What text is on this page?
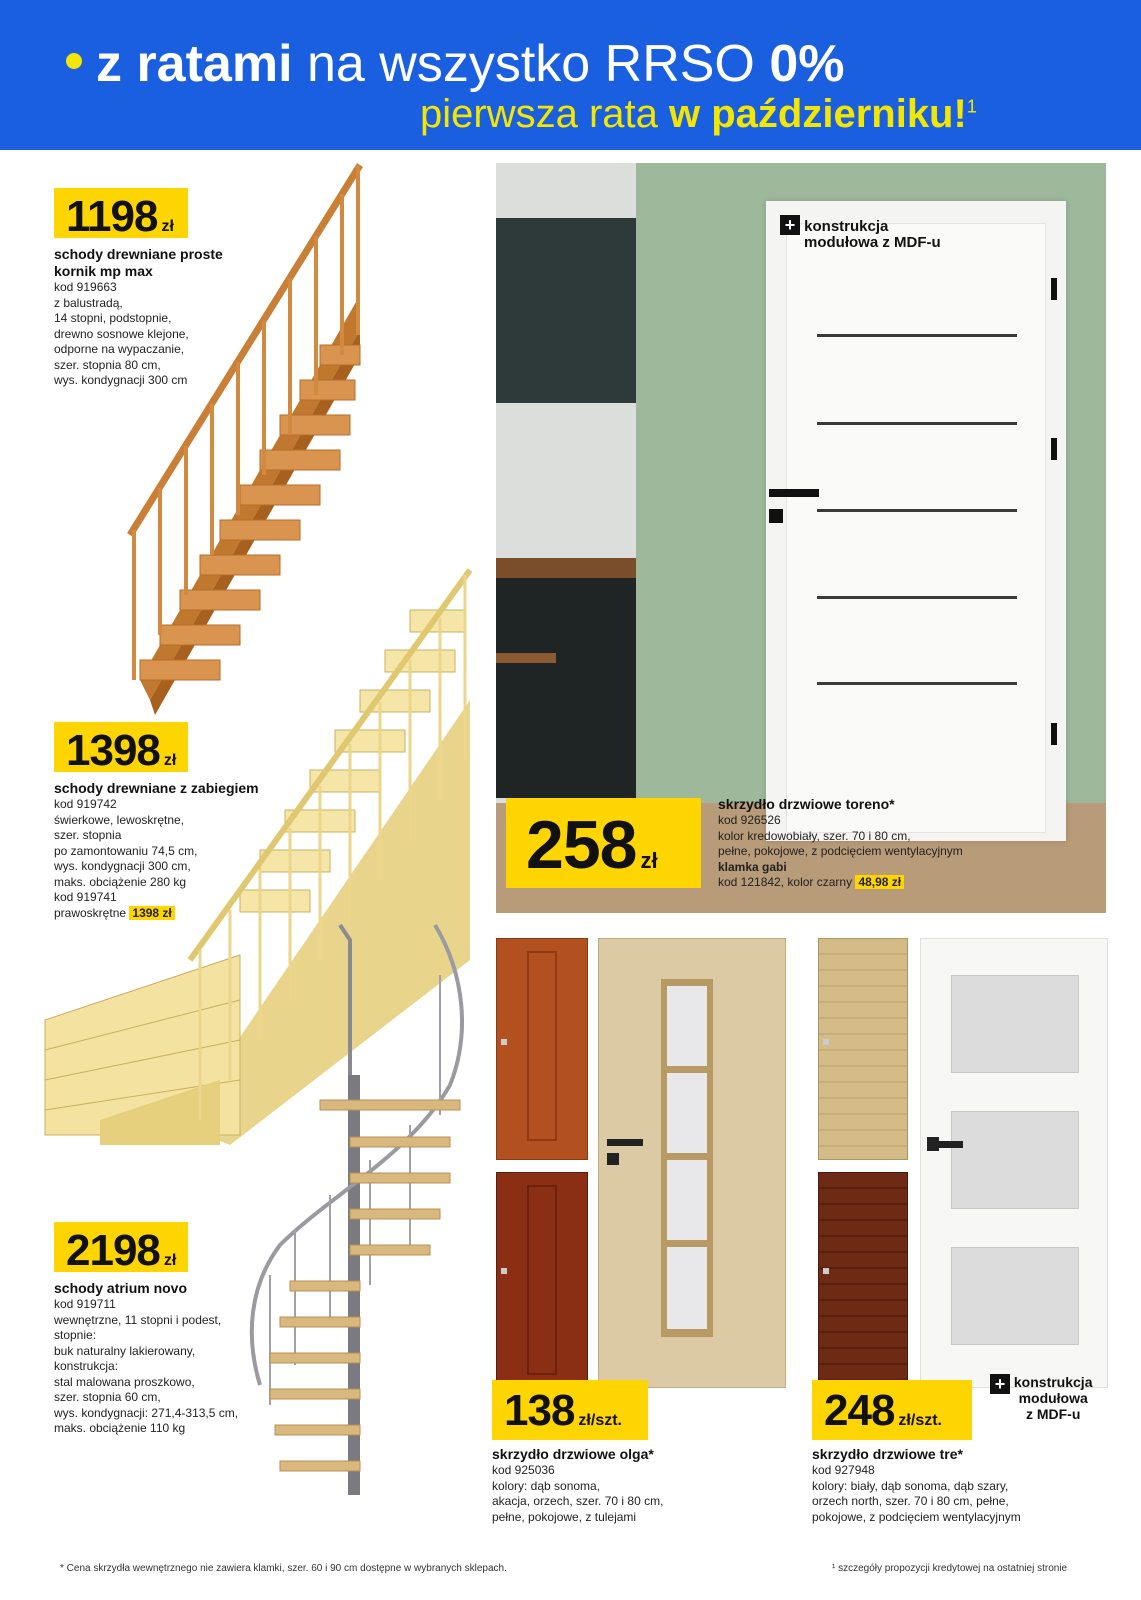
z ratami na wszystko RRSO 0%
pierwsza rata w październiku!$^1$
1198 zł
schody drewniane proste kornik mp max
kod 919663
z balustradą,
14 stopni, podstopnie,
drewno sosnowe klejone,
odporne na wypaczanie,
szer. stopnia 80 cm,
wys. kondygnacji 300 cm
1398 zł
schody drewniane z zabiegiem
kod 919742
świerkowe, lewoskrętne,
szer. stopnia
po zamontowaniu 74,5 cm,
wys. kondygnacji 300 cm,
maks. obciążenie 280 kg
kod 919741
prawoskrętne 1398 zł
2198 zł
schody atrium novo
kod 919711
wewnętrzne, 11 stopni i podest,
stopnie:
buk naturalny lakierowany,
konstrukcja:
stal malowana proszkowo,
szer. stopnia 60 cm,
wys. kondygnacji: 271,4-313,5 cm,
maks. obciążenie 110 kg
+ konstrukcja
modułowa z MDF-u
258 zł
skrzydło drzwiowe toreno*
kod 926526
kolor kredowobiały, szer. 70 i 80 cm,
pełne, pokojowe, z podcięciem wentylacyjnym
klamka gabi
kod 121842, kolor czarny 48,98 zł
138 zł/szt.
skrzydło drzwiowe olga*
kod 925036
kolory: dąb sonoma,
akacja, orzech, szer. 70 i 80 cm,
pełne, pokojowe, z tulejami
248 zł/szt.
+ konstrukcja
modułowa
z MDF-u
skrzydło drzwiowe tre*
kod 927948
kolory: biały, dąb sonoma, dąb szary,
orzech north, szer. 70 i 80 cm, pełne,
pokojowe, z podcięciem wentylacyjnym
* Cena skrzydła wewnętrznego nie zawiera klamki, szer. 60 i 90 cm dostępne w wybranych sklepach.	¹ szczegóły propozycji kredytowej na ostatniej stronie
